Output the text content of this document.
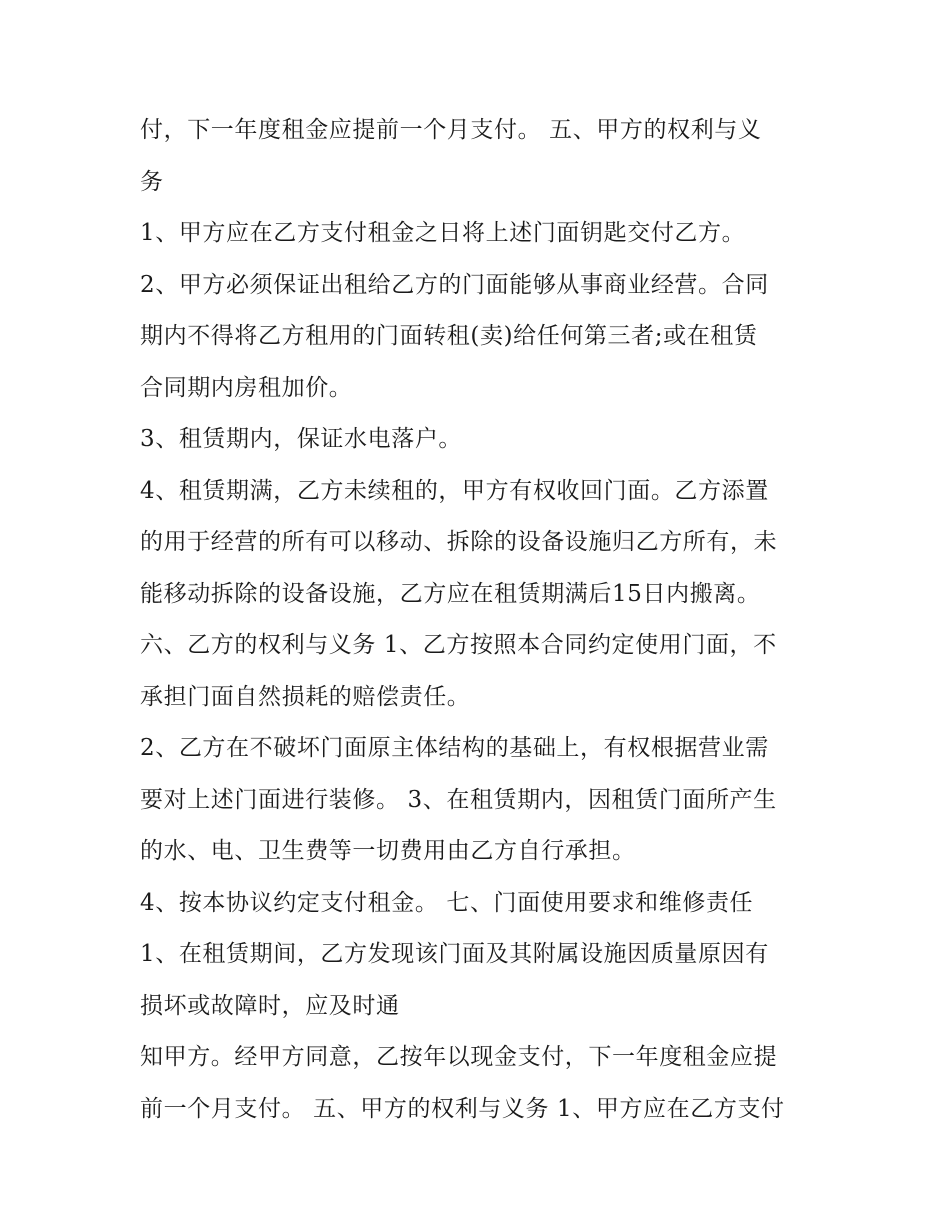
付，下一年度租金应提前一个月支付。 五、甲方的权利与义
务
1、甲方应在乙方支付租金之日将上述门面钥匙交付乙方。
2、甲方必须保证出租给乙方的门面能够从事商业经营。合同
期内不得将乙方租用的门面转租(卖)给任何第三者;或在租赁
合同期内房租加价。
3、租赁期内，保证水电落户。
4、租赁期满，乙方未续租的，甲方有权收回门面。乙方添置
的用于经营的所有可以移动、拆除的设备设施归乙方所有，未
能移动拆除的设备设施，乙方应在租赁期满后15日内搬离。
六、乙方的权利与义务 1、乙方按照本合同约定使用门面，不
承担门面自然损耗的赔偿责任。
2、乙方在不破坏门面原主体结构的基础上，有权根据营业需
要对上述门面进行装修。 3、在租赁期内，因租赁门面所产生
的水、电、卫生费等一切费用由乙方自行承担。
4、按本协议约定支付租金。 七、门面使用要求和维修责任
1、在租赁期间，乙方发现该门面及其附属设施因质量原因有
损坏或故障时，应及时通
知甲方。经甲方同意，乙按年以现金支付，下一年度租金应提
前一个月支付。 五、甲方的权利与义务 1、甲方应在乙方支付
